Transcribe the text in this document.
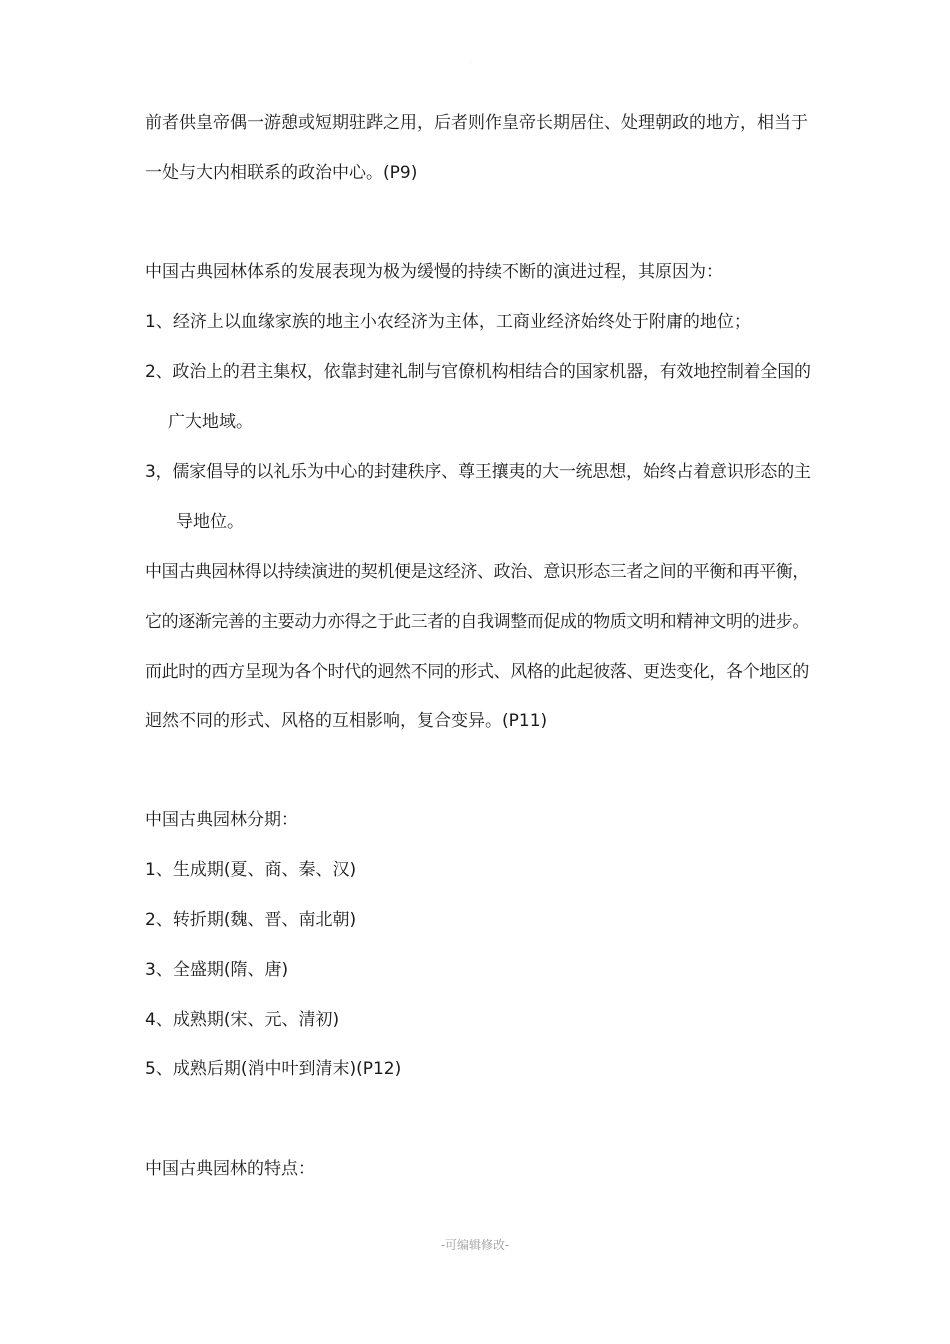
.
前者供皇帝偶一游憩或短期驻跸之用，后者则作皇帝长期居住、处理朝政的地方，相当于
一处与大内相联系的政治中心。(P9)
中国古典园林体系的发展表现为极为缓慢的持续不断的演进过程，其原因为：
1、经济上以血缘家族的地主小农经济为主体，工商业经济始终处于附庸的地位；
2、政治上的君主集权，依靠封建礼制与官僚机构相结合的国家机器，有效地控制着全国的
广大地域。
3，儒家倡导的以礼乐为中心的封建秩序、尊王攘夷的大一统思想，始终占着意识形态的主
导地位。
中国古典园林得以持续演进的契机便是这经济、政治、意识形态三者之间的平衡和再平衡，
它的逐渐完善的主要动力亦得之于此三者的自我调整而促成的物质文明和精神文明的进步。
而此时的西方呈现为各个时代的迥然不同的形式、风格的此起彼落、更迭变化，各个地区的
迥然不同的形式、风格的互相影响，复合变异。(P11)
中国古典园林分期：
1、生成期(夏、商、秦、汉)
2、转折期(魏、晋、南北朝)
3、全盛期(隋、唐)
4、成熟期(宋、元、清初)
5、成熟后期(消中叶到清末)(P12)
中国古典园林的特点：
-可编辑修改-
